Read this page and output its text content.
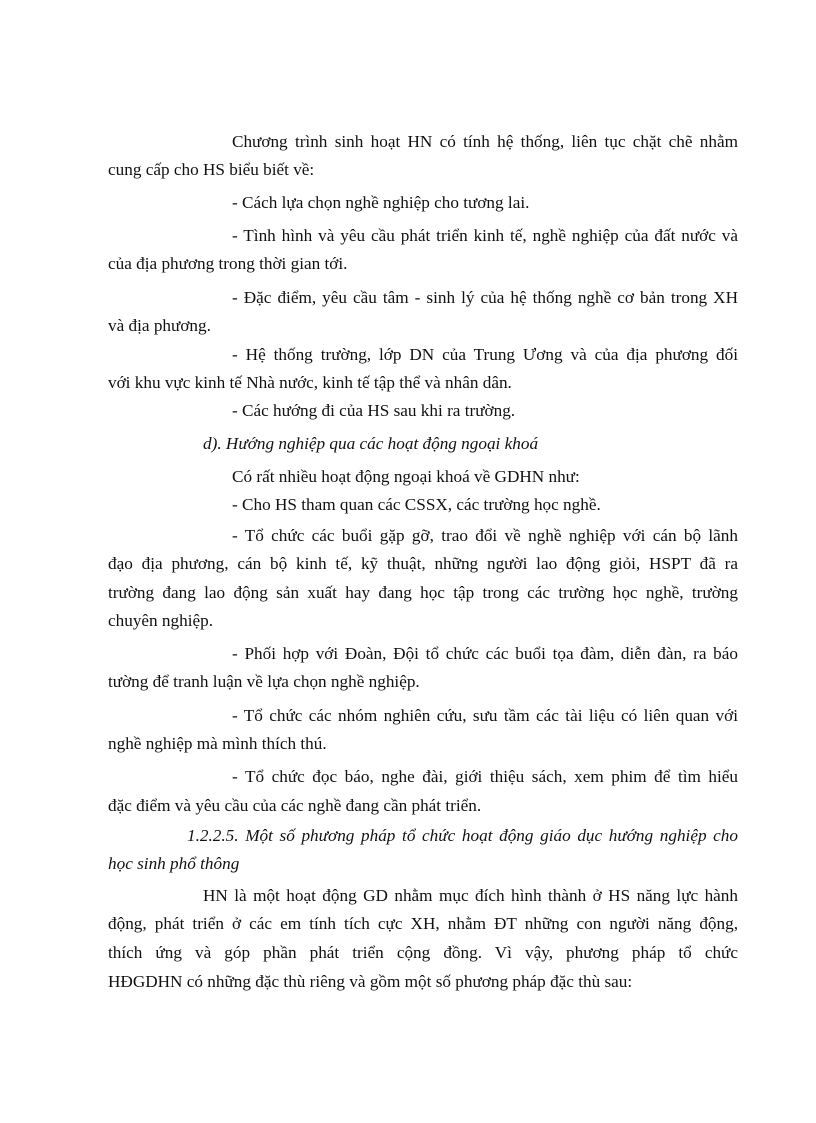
Chương trình sinh hoạt HN có tính hệ thống, liên tục chặt chẽ nhằm

cung cấp cho HS biểu biết về:

- Cách lựa chọn nghề nghiệp cho tương lai.

- Tình hình và yêu cầu phát triển kinh tế, nghề nghiệp của đất nước và

của địa phương trong thời gian tới.

- Đặc điểm, yêu cầu tâm - sinh lý của hệ thống nghề cơ bản trong XH

và địa phương.

- Hệ thống trường, lớp DN của Trung Ương và của địa phương đối

với khu vực kinh tế Nhà nước, kinh tế tập thể và nhân dân.

- Các hướng đi của HS sau khi ra trường.

d). Hướng nghiệp qua các hoạt động ngoại khoá

Có rất nhiều hoạt động ngoại khoá về GDHN như:

- Cho HS tham quan các CSSX, các trường học nghề.

- Tổ chức các buổi gặp gỡ, trao đổi về nghề nghiệp với cán bộ lãnh

đạo địa phương, cán bộ kinh tế, kỹ thuật, những người lao động giỏi, HSPT đã ra

trường đang lao động sản xuất hay đang học tập trong các trường học nghề, trường

chuyên nghiệp.

- Phối hợp với Đoàn, Đội tổ chức các buổi tọa đàm, diễn đàn, ra báo

tường để tranh luận về lựa chọn nghề nghiệp.

- Tổ chức các nhóm nghiên cứu, sưu tầm các tài liệu có liên quan với

nghề nghiệp mà mình thích thú.

- Tổ chức đọc báo, nghe đài, giới thiệu sách, xem phim để tìm hiểu

đặc điểm và yêu cầu của các nghề đang cần phát triển.

1.2.2.5. Một số phương pháp tổ chức hoạt động giáo dục hướng nghiệp cho

học sinh phổ thông

HN là một hoạt động GD nhằm mục đích hình thành ở HS năng lực hành

động, phát triển ở các em tính tích cực XH, nhằm ĐT những con người năng động,

thích ứng và góp phần phát triển cộng đồng. Vì vậy, phương pháp tổ chức

HĐGDHN có những đặc thù riêng và gồm một số phương pháp đặc thù sau:
